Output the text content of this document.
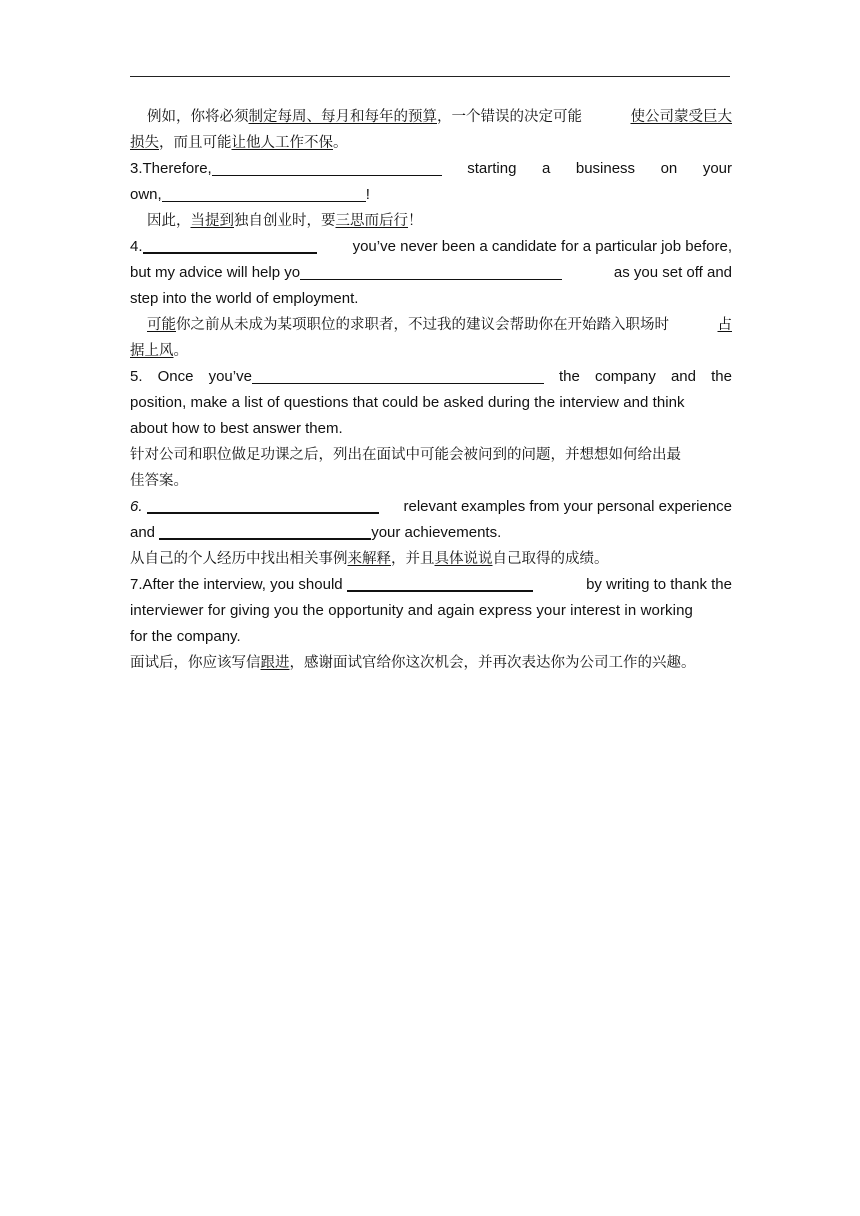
例如，你将必须制定每周、每月和每年的预算，一个错误的决定可能	使公司蒙受巨大
损失，而且可能让他人工作不保。
3.Therefore,	starting a business on your
own,	!
因此，当提到独自创业时，要三思而后行！
4.	you’ve never been a candidate for a particular job before,
but my advice will help yo	as you set off and
step into the world of employment.
可能你之前从未成为某项职位的求职者，不过我的建议会帮助你在开始踏入职场时	占
据上风。
5. Once you’ve	the company and the
position, make a list of questions that could be asked during the interview and think
about how to best answer them.
针对公司和职位做足功课之后，列出在面试中可能会被问到的问题，并想想如何给出最
佳答案。
6.	relevant examples from your personal experience
and	your achievements.
从自己的个人经历中找出相关事例来解释，并且具体说说自己取得的成绩。
7.After the interview, you should	by writing to thank the
interviewer for giving you the opportunity and again express your interest in working
for the company.
面试后，你应该写信跟进，感谢面试官给你这次机会，并再次表达你为公司工作的兴趣。
